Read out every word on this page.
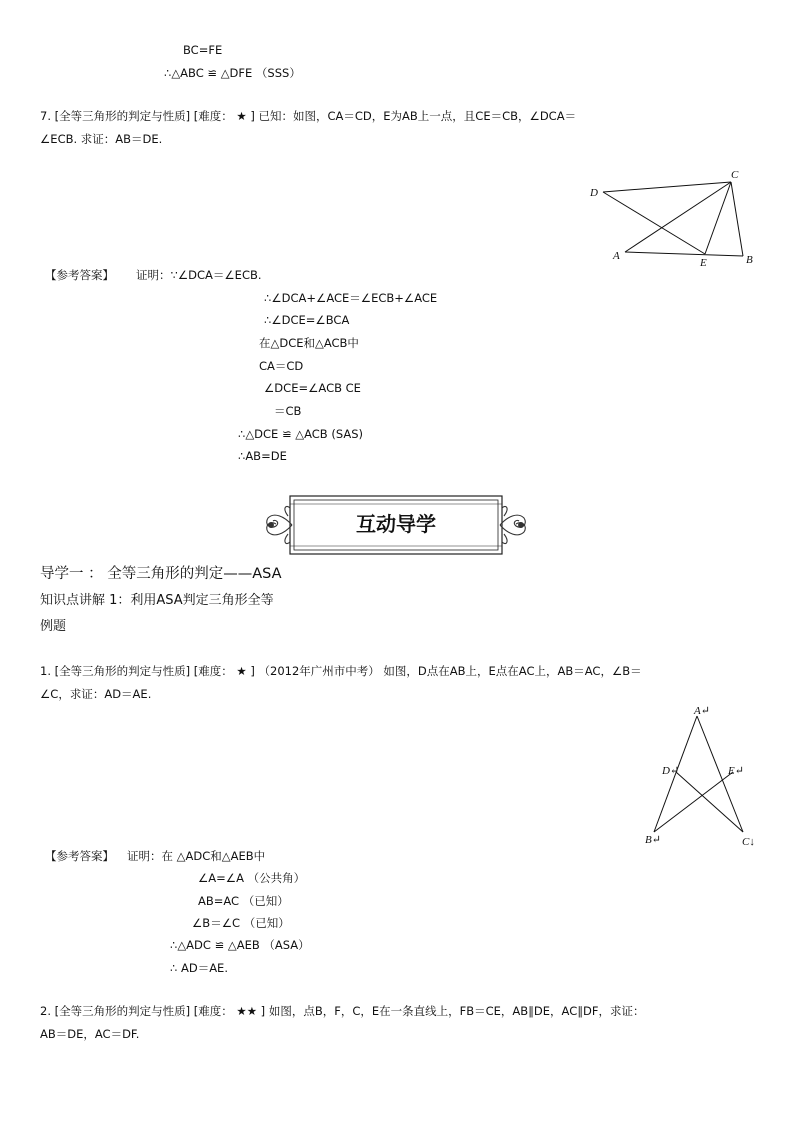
BC=FE
∴△ABC ≌ △DFE （SSS）
7. [全等三角形的判定与性质] [难度： ★ ] 已知：如图，CA＝CD，E为AB上一点，且CE＝CB，∠DCA＝
∠ECB. 求证：AB＝DE.
D
C
A
E	B
【参考答案】 证明：∵∠DCA＝∠ECB.
∴∠DCA+∠ACE＝∠ECB+∠ACE
∴∠DCE=∠BCA
在△DCE和△ACB中
CA＝CD
∠DCE=∠ACB CE
＝CB
∴△DCE ≌ △ACB (SAS)
∴AB=DE
互动导学
导学一 ： 全等三角形的判定——ASA
知识点讲解 1：利用ASA判定三角形全等
例题
1. [全等三角形的判定与性质] [难度： ★ ] （2012年广州市中考） 如图，D点在AB上，E点在AC上，AB＝AC，∠B＝
∠C，求证：AD＝AE.
A↵
D↵	E↵
B↵	C↓
【参考答案】 证明：在 △ADC和△AEB中
∠A=∠A （公共角）
AB=AC （已知）
∠B＝∠C （已知）
∴△ADC ≌ △AEB （ASA）
∴ AD＝AE.
2. [全等三角形的判定与性质] [难度： ★★ ] 如图，点B，F，C，E在一条直线上，FB＝CE，AB∥DE，AC∥DF，求证：
AB＝DE，AC＝DF.
